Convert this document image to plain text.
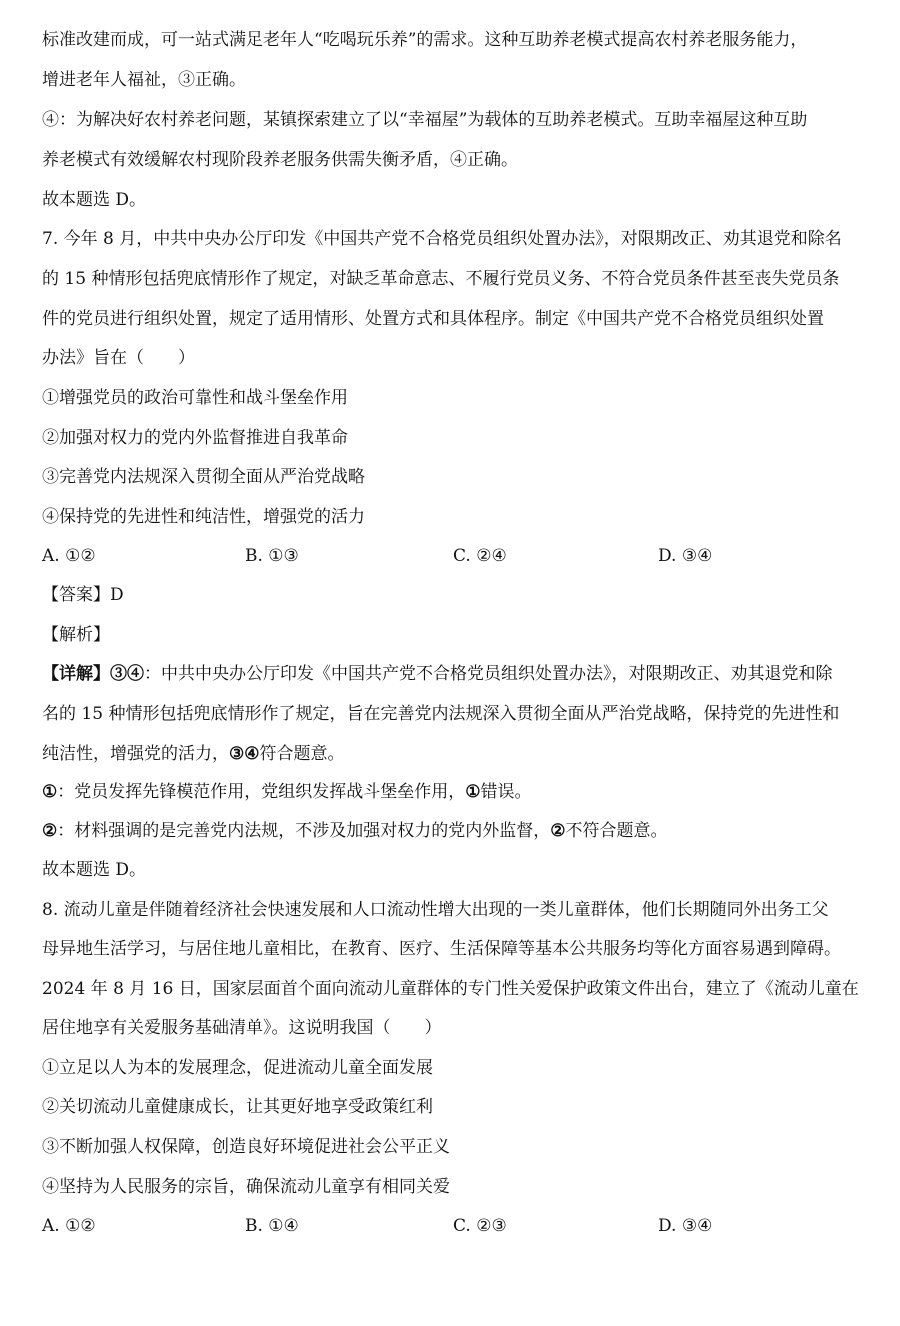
标准改建而成，可一站式满足老年人“吃喝玩乐养”的需求。这种互助养老模式提高农村养老服务能力，
增进老年人福祉，③正确。
④：为解决好农村养老问题，某镇探索建立了以“幸福屋”为载体的互助养老模式。互助幸福屋这种互助
养老模式有效缓解农村现阶段养老服务供需失衡矛盾，④正确。
故本题选 D。
7. 今年 8 月，中共中央办公厅印发《中国共产党不合格党员组织处置办法》，对限期改正、劝其退党和除名
的 15 种情形包括兜底情形作了规定，对缺乏革命意志、不履行党员义务、不符合党员条件甚至丧失党员条
件的党员进行组织处置，规定了适用情形、处置方式和具体程序。制定《中国共产党不合格党员组织处置
办法》旨在（　　）
①增强党员的政治可靠性和战斗堡垒作用
②加强对权力的党内外监督推进自我革命
③完善党内法规深入贯彻全面从严治党战略
④保持党的先进性和纯洁性，增强党的活力
A. ①②	B. ①③	C. ②④	D. ③④
【答案】D
【解析】
【详解】③④：中共中央办公厅印发《中国共产党不合格党员组织处置办法》，对限期改正、劝其退党和除
名的 15 种情形包括兜底情形作了规定，旨在完善党内法规深入贯彻全面从严治党战略，保持党的先进性和
纯洁性，增强党的活力，③④符合题意。
①：党员发挥先锋模范作用，党组织发挥战斗堡垒作用，①错误。
②：材料强调的是完善党内法规，不涉及加强对权力的党内外监督，②不符合题意。
故本题选 D。
8. 流动儿童是伴随着经济社会快速发展和人口流动性增大出现的一类儿童群体，他们长期随同外出务工父
母异地生活学习，与居住地儿童相比，在教育、医疗、生活保障等基本公共服务均等化方面容易遇到障碍。
2024 年 8 月 16 日，国家层面首个面向流动儿童群体的专门性关爱保护政策文件出台，建立了《流动儿童在
居住地享有关爱服务基础清单》。这说明我国（　　）
①立足以人为本的发展理念，促进流动儿童全面发展
②关切流动儿童健康成长，让其更好地享受政策红利
③不断加强人权保障，创造良好环境促进社会公平正义
④坚持为人民服务的宗旨，确保流动儿童享有相同关爱
A. ①②	B. ①④	C. ②③	D. ③④
